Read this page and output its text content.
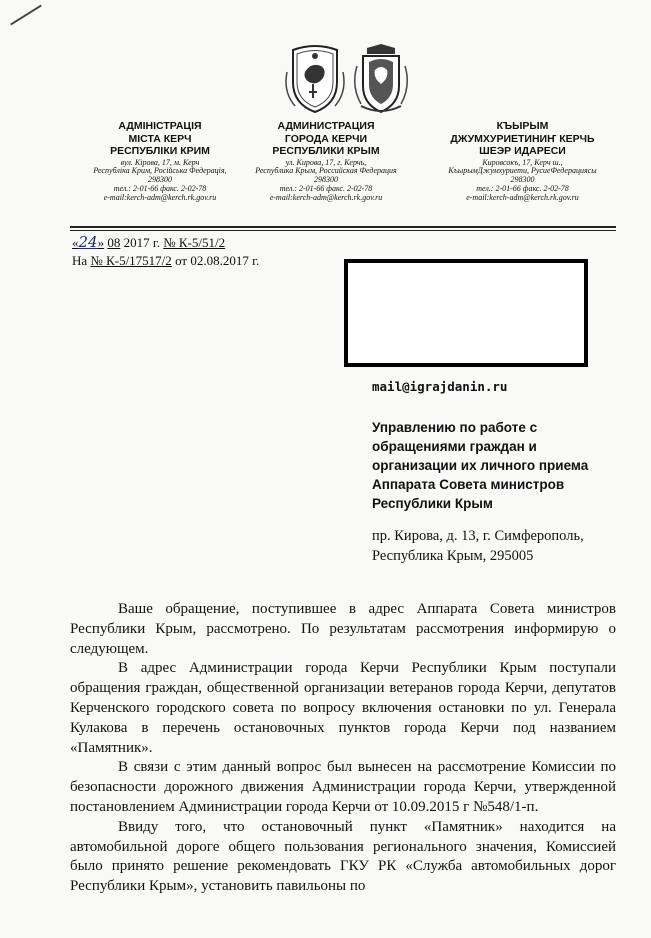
АДМІНІСТРАЦІЯ
МІСТА КЕРЧ
РЕСПУБЛІКИ КРИМ
вул. Кірова, 17, м. Керч
Республіка Крим, Російська Федерація,
298300
тел.: 2-01-66 факс. 2-02-78
e-mail:kerch-adm@kerch.rk.gov.ru
АДМИНИСТРАЦИЯ
ГОРОДА КЕРЧИ
РЕСПУБЛИКИ КРЫМ
ул. Кирова, 17, г. Керчь,
Республика Крым, Российская Федерация
298300
тел.: 2-01-66 факс. 2-02-78
e-mail:kerch-adm@kerch.rk.gov.ru
КЪЫРЫМ
ДЖУМХУРИЕТИНИҤ КЕРЧЬ
ШЕЭР ИДАРЕСИ
Кировсокъ, 17, Керч ш.,
КъырымДжумхуриети, РусиеФедерациясы
298300
тел.: 2-01-66 факс. 2-02-78
e-mail:kerch-adm@kerch.rk.gov.ru
«24» 08 2017 г. № К-5/51/2
На № К-5/17517/2 от 02.08.2017 г.
mail@igrajdanin.ru
Управлению по работе с
обращениями граждан и
организации их личного приема
Аппарата Совета министров
Республики Крым
пр. Кирова, д. 13, г. Симферополь,
Республика Крым, 295005

Ваше обращение, поступившее в адрес Аппарата Совета министров Республики Крым, рассмотрено. По результатам рассмотрения информирую о следующем.

В адрес Администрации города Керчи Республики Крым поступали обращения граждан, общественной организации ветеранов города Керчи, депутатов Керченского городского совета по вопросу включения остановки по ул. Генерала Кулакова в перечень остановочных пунктов города Керчи под названием «Памятник».

В связи с этим данный вопрос был вынесен на рассмотрение Комиссии по безопасности дорожного движения Администрации города Керчи, утвержденной постановлением Администрации города Керчи от 10.09.2015 г №548/1-п.

Ввиду того, что остановочный пункт «Памятник» находится на автомобильной дороге общего пользования регионального значения, Комиссией было принято решение рекомендовать ГКУ РК «Служба автомобильных дорог Республики Крым», установить павильоны по
